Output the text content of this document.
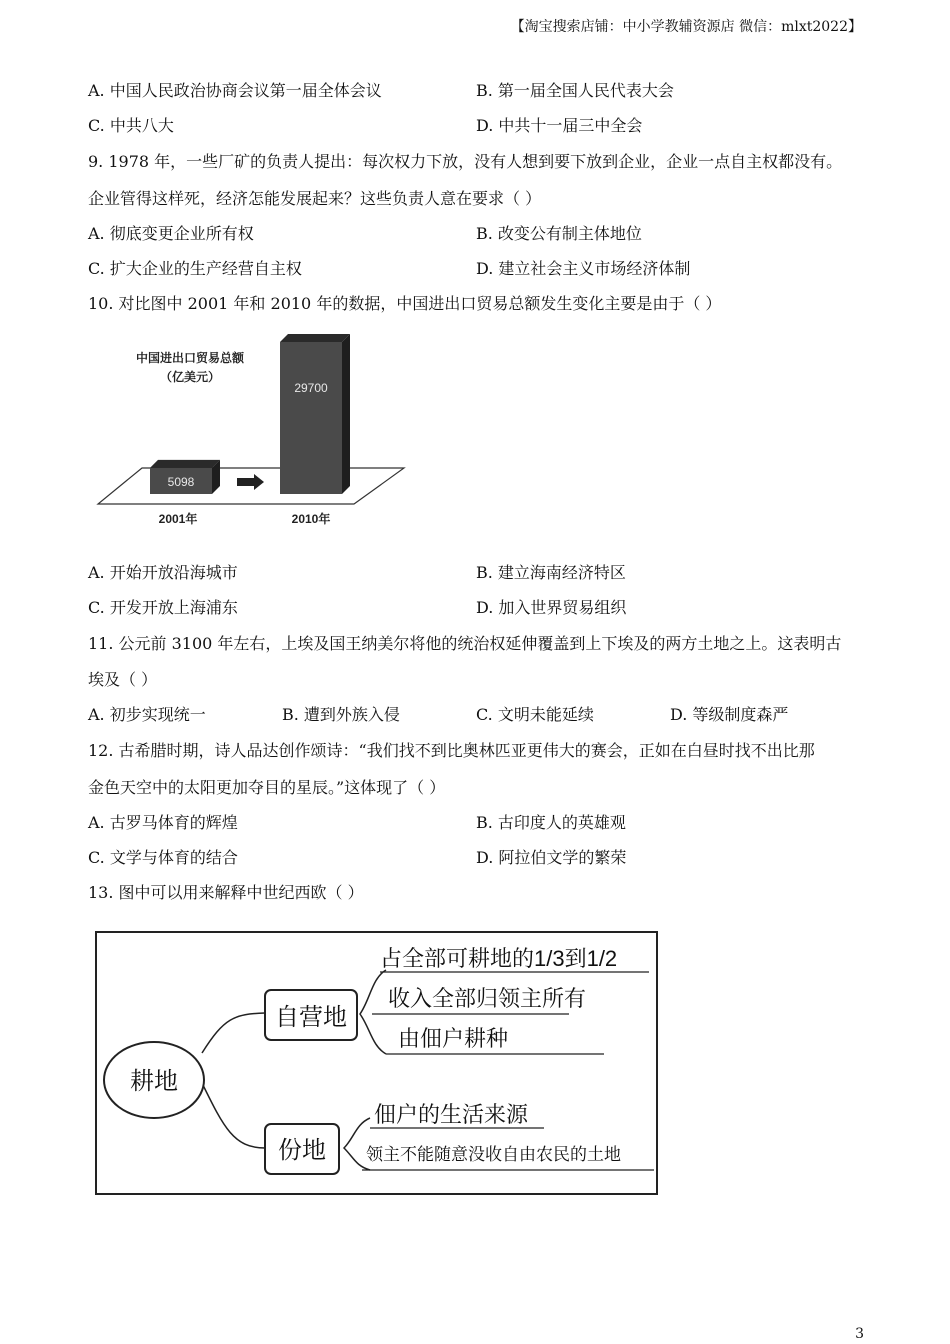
【淘宝搜索店铺：中小学教辅资源店 微信：mlxt2022】
A. 中国人民政治协商会议第一届全体会议	B. 第一届全国人民代表大会
C. 中共八大	D. 中共十一届三中全会
9. 1978 年，一些厂矿的负责人提出：每次权力下放，没有人想到要下放到企业，企业一点自主权都没有。
企业管得这样死，经济怎能发展起来？这些负责人意在要求（ ）
A. 彻底变更企业所有权	B. 改变公有制主体地位
C. 扩大企业的生产经营自主权	D. 建立社会主义市场经济体制
10. 对比图中 2001 年和 2010 年的数据，中国进出口贸易总额发生变化主要是由于（ ）
中国进出口贸易总额
（亿美元）
5098
29700
2001年	2010年
A. 开始开放沿海城市	B. 建立海南经济特区
C. 开发开放上海浦东	D. 加入世界贸易组织
11. 公元前 3100 年左右，上埃及国王纳美尔将他的统治权延伸覆盖到上下埃及的两方土地之上。这表明古
埃及（ ）
A. 初步实现统一	B. 遭到外族入侵	C. 文明未能延续	D. 等级制度森严
12. 古希腊时期，诗人品达创作颂诗：“我们找不到比奥林匹亚更伟大的赛会，正如在白昼时找不出比那
金色天空中的太阳更加夺目的星辰。”这体现了（ ）
A. 古罗马体育的辉煌	B. 古印度人的英雄观
C. 文学与体育的结合	D. 阿拉伯文学的繁荣
13. 图中可以用来解释中世纪西欧（ ）
耕地
自营地
占全部可耕地的1/3到1/2
收入全部归领主所有
由佃户耕种
份地
佃户的生活来源
领主不能随意没收自由农民的土地
3
